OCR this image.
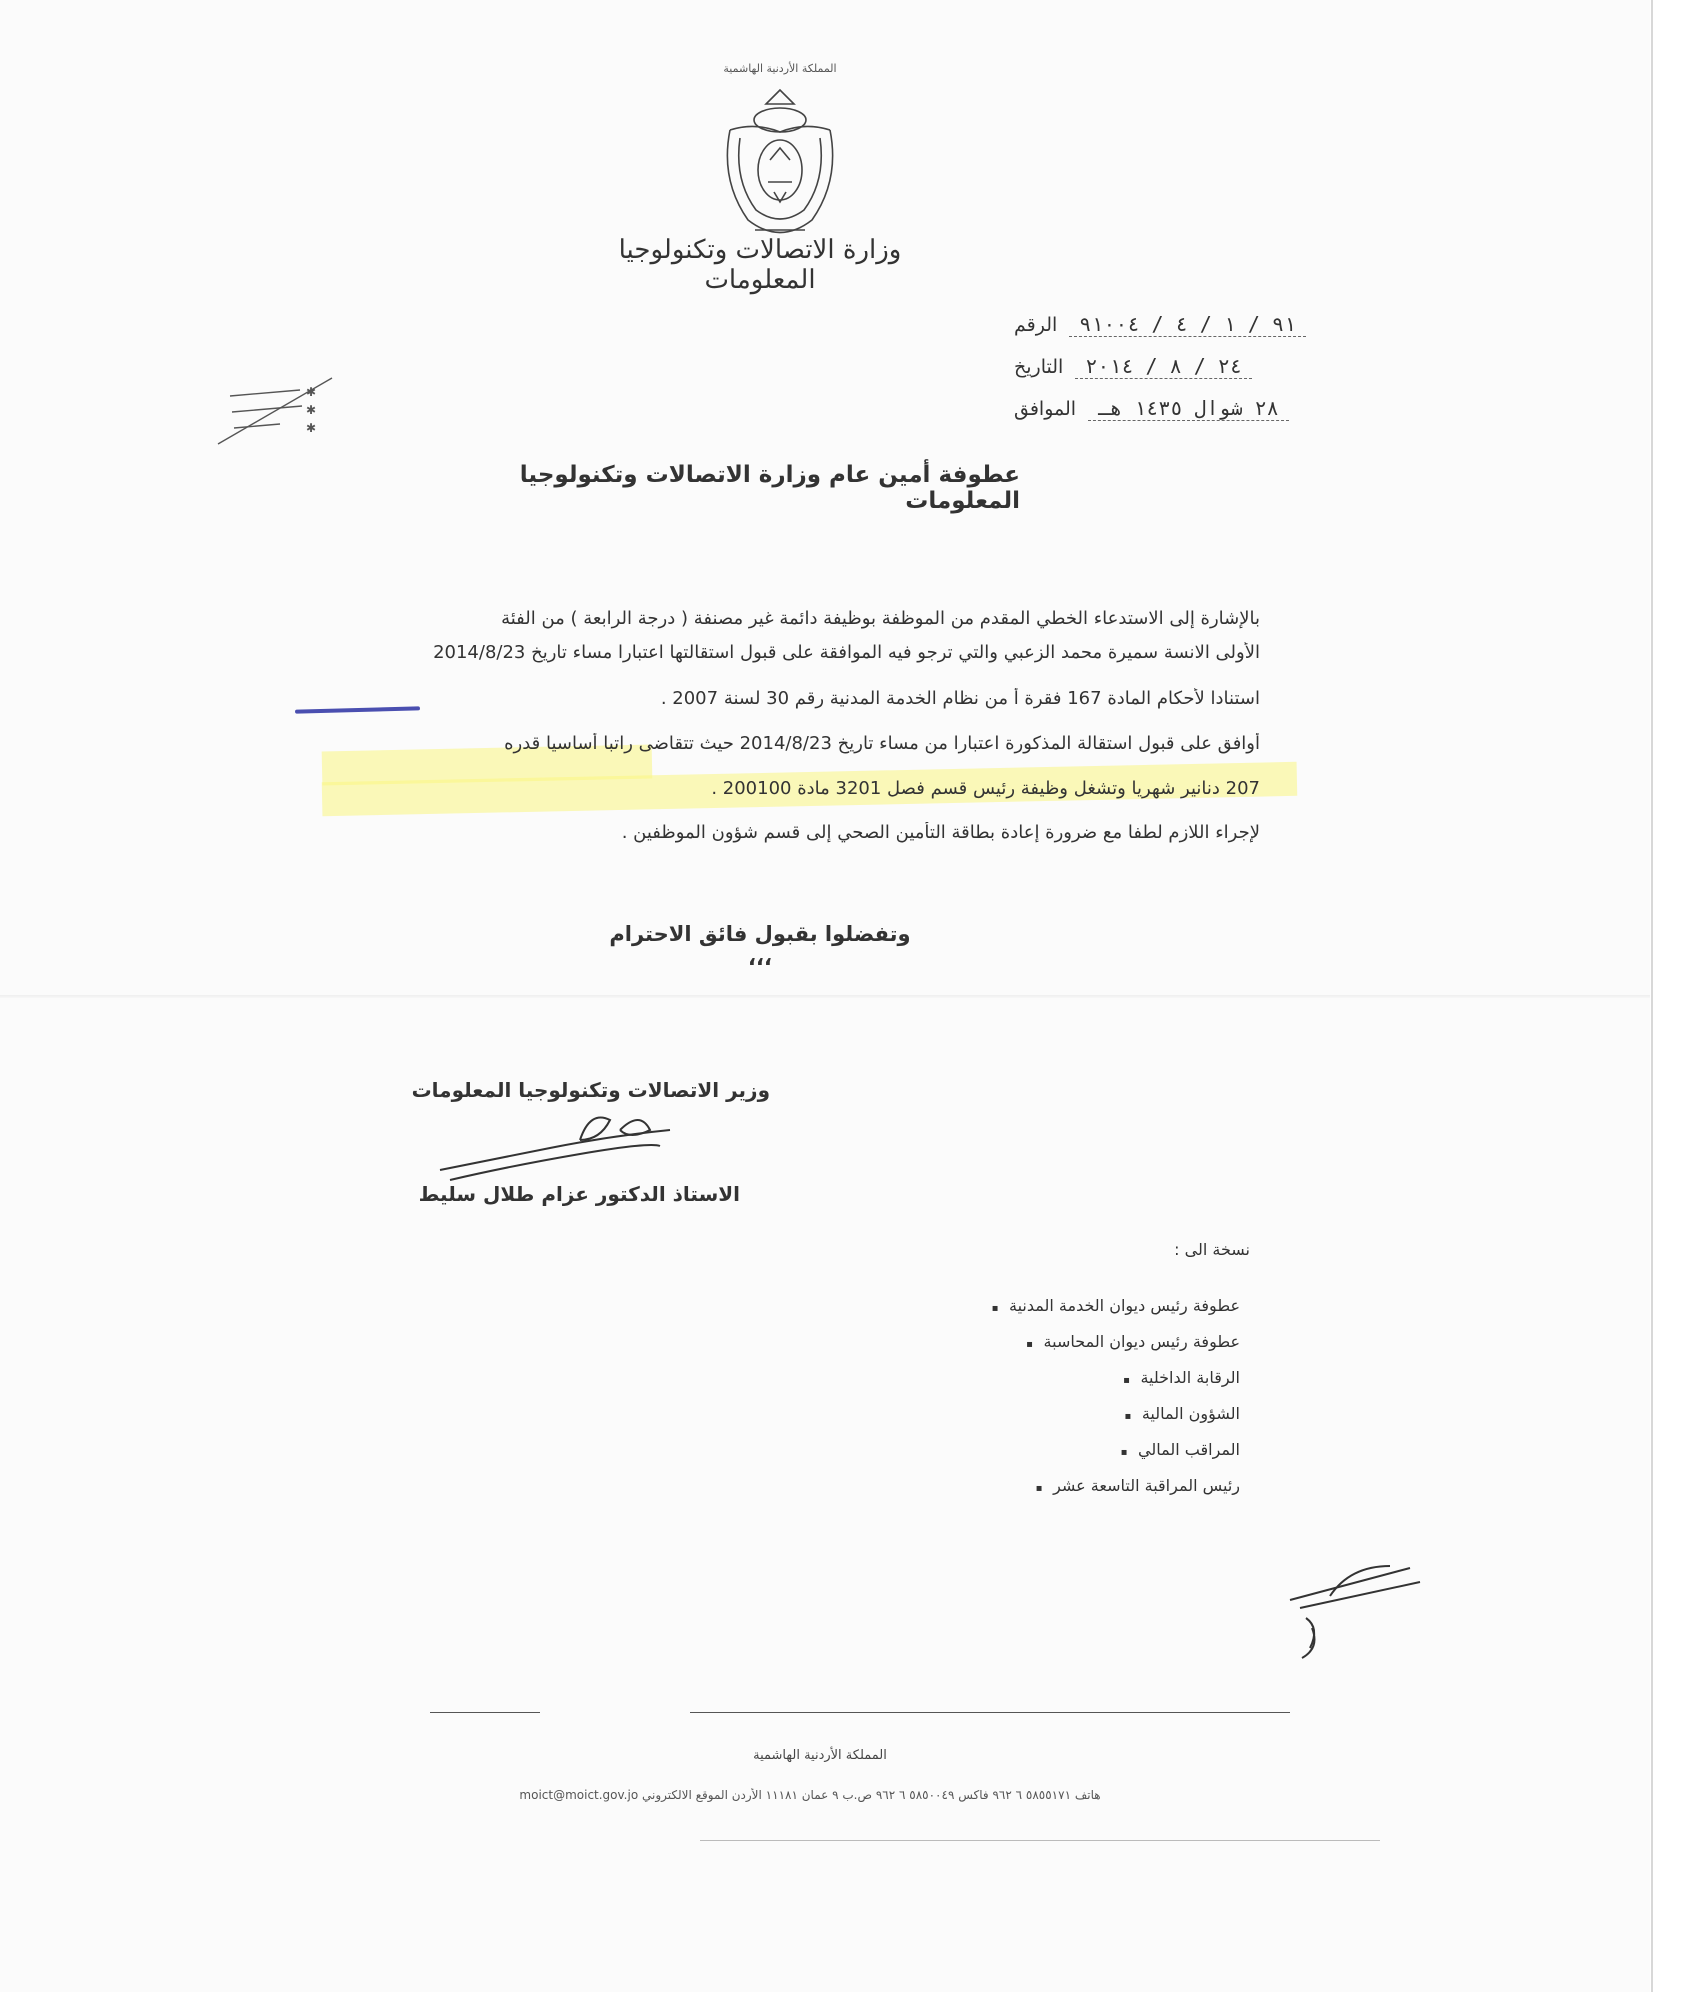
المملكة الأردنية الهاشمية
وزارة الاتصالات وتكنولوجيا المعلومات
الرقم	٩١ / ١ / ٤ / ٩١٠٠٤
التاريخ	٢٤ / ٨ / ٢٠١٤
الموافق	٢٨ شوال ١٤٣٥ هـ
✱
✱
✱
عطوفة أمين عام وزارة الاتصالات وتكنولوجيا المعلومات
بالإشارة إلى الاستدعاء الخطي المقدم من الموظفة بوظيفة دائمة غير مصنفة ( درجة الرابعة ) من الفئة
الأولى الانسة سميرة محمد الزعبي والتي ترجو فيه الموافقة على قبول استقالتها اعتبارا مساء تاريخ 2014/8/23
استنادا لأحكام المادة 167 فقرة أ من نظام الخدمة المدنية رقم 30 لسنة 2007 .
أوافق على قبول استقالة المذكورة اعتبارا من مساء تاريخ 2014/8/23 حيث تتقاضى راتبا أساسيا قدره
207 دنانير شهريا وتشغل وظيفة رئيس قسم فصل 3201 مادة 200100 .
لإجراء اللازم لطفا مع ضرورة إعادة بطاقة التأمين الصحي إلى قسم شؤون الموظفين .
وتفضلوا بقبول فائق الاحترام ،،،
وزير الاتصالات وتكنولوجيا المعلومات
الاستاذ الدكتور عزام طلال سليط
نسخة الى :
عطوفة رئيس ديوان الخدمة المدنية ▪
عطوفة رئيس ديوان المحاسبة ▪
الرقابة الداخلية ▪
الشؤون المالية ▪
المراقب المالي ▪
رئيس المراقبة التاسعة عشر ▪
المملكة الأردنية الهاشمية
هاتف ٥٨٥٥١٧١ ٦ ٩٦٢ فاكس ٥٨٥٠٠٤٩ ٦ ٩٦٢ ص.ب ٩ عمان ١١١٨١ الأردن الموقع الالكتروني moict@moict.gov.jo
